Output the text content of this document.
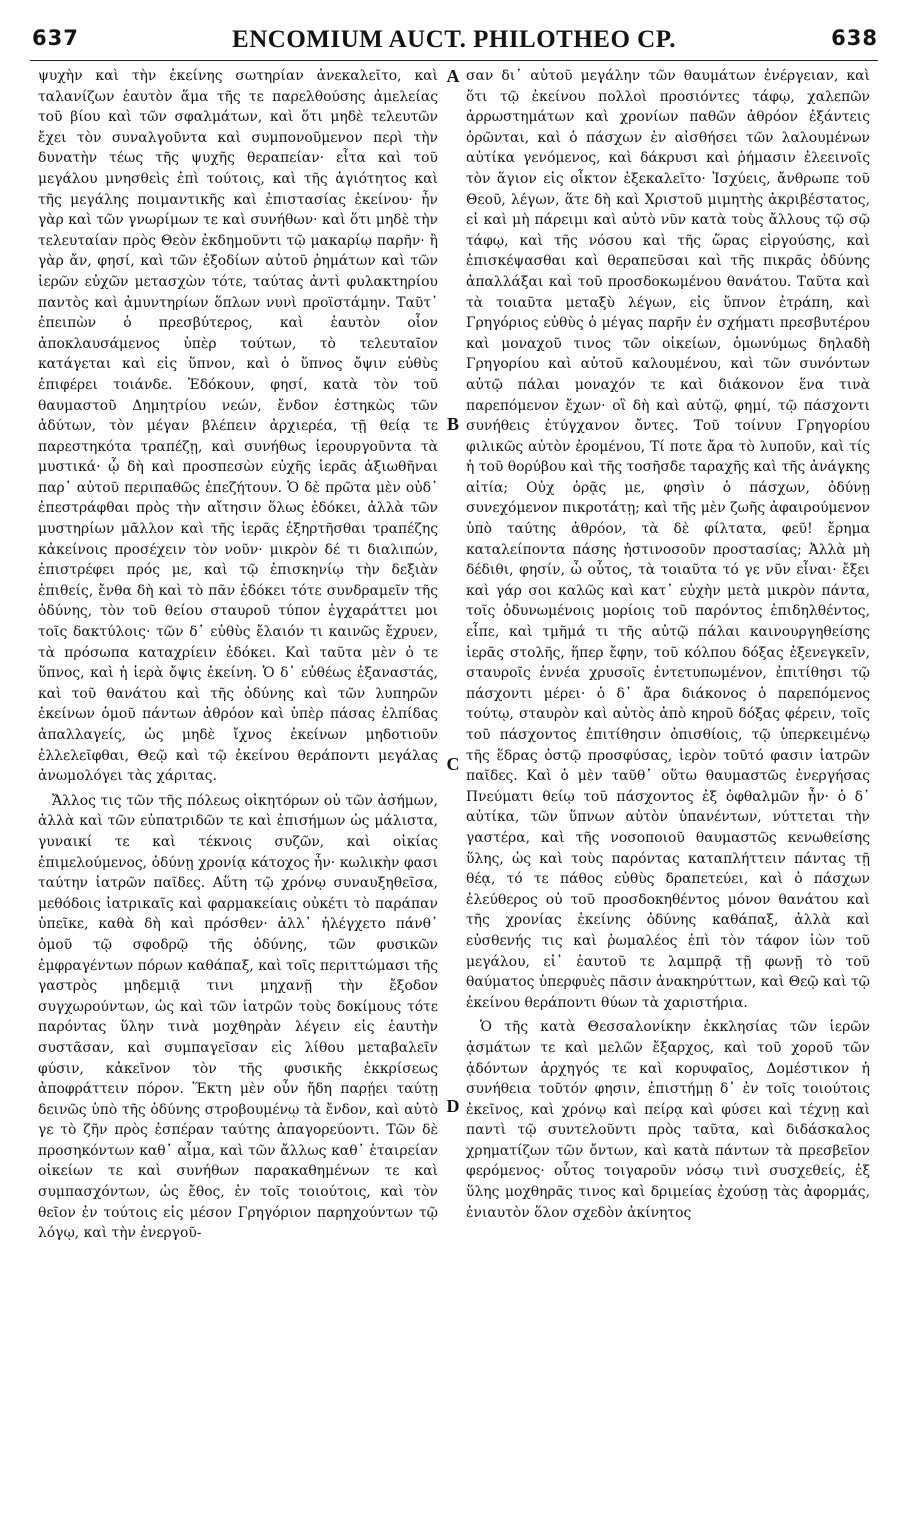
637	ENCOMIUM AUCT. PHILOTHEO CP.	638

ψυχὴν καὶ τὴν ἐκείνης σωτηρίαν ἀνεκαλεῖτο, καὶ ταλανίζων ἑαυτὸν ἅμα τῆς τε παρελθούσης ἀμελείας τοῦ βίου καὶ τῶν σφαλμάτων, καὶ ὅτι μηδὲ τελευτῶν ἔχει τὸν συναλγοῦντα καὶ συμπονοῦμενον περὶ τὴν δυνατὴν τέως τῆς ψυχῆς θεραπείαν· εἶτα καὶ τοῦ μεγάλου μνησθεὶς ἐπὶ τούτοις, καὶ τῆς ἁγιότητος καὶ τῆς μεγάλης ποιμαντικῆς καὶ ἐπιστασίας ἐκείνου· ἦν γὰρ καὶ τῶν γνωρίμων τε καὶ συνήθων· καὶ ὅτι μηδὲ τὴν τελευταίαν πρὸς Θεὸν ἐκδημοῦντι τῷ μακαρίῳ παρῆν· ἢ γὰρ ἄν, φησί, καὶ τῶν ἐξοδίων αὐτοῦ ῥημάτων καὶ τῶν ἱερῶν εὐχῶν μετασχὼν τότε, ταύτας ἀντὶ φυλακτηρίου παντὸς καὶ ἀμυντηρίων ὅπλων νυνὶ προϊστάμην. Ταῦτ᾽ ἐπειπὼν ὁ πρεσβύτερος, καὶ ἑαυτὸν οἷον ἀποκλαυσάμενος ὑπὲρ τούτων, τὸ τελευταῖον κατάγεται καὶ εἰς ὕπνον, καὶ ὁ ὕπνος ὄψιν εὐθὺς ἐπιφέρει τοιάνδε. Ἐδόκουν, φησί, κατὰ τὸν τοῦ θαυμαστοῦ Δημητρίου νεών, ἔνδον ἑστηκὼς τῶν ἀδύτων, τὸν μέγαν βλέπειν ἀρχιερέα, τῇ θείᾳ τε παρεστηκότα τραπέζῃ, καὶ συνήθως ἱερουργοῦντα τὰ μυστικά· ᾧ δὴ καὶ προσπεσὼν εὐχῆς ἱερᾶς ἀξιωθῆναι παρ᾽ αὐτοῦ περιπαθῶς ἐπεζήτουν. Ὁ δὲ πρῶτα μὲν οὐδ᾽ ἐπεστράφθαι πρὸς τὴν αἴτησιν ὅλως ἐδόκει, ἀλλὰ τῶν μυστηρίων μᾶλλον καὶ τῆς ἱερᾶς ἐξηρτῆσθαι τραπέζης κἀκείνοις προσέχειν τὸν νοῦν· μικρὸν δέ τι διαλιπών, ἐπιστρέφει πρός με, καὶ τῷ ἐπισκηνίῳ τὴν δεξιὰν ἐπιθείς, ἔνθα δὴ καὶ τὸ πᾶν ἐδόκει τότε συνδραμεῖν τῆς ὀδύνης, τὸν τοῦ θείου σταυροῦ τύπον ἐγχαράττει μοι τοῖς δακτύλοις· τῶν δ᾽ εὐθὺς ἔλαιόν τι καινῶς ἔχρυεν, τὰ πρόσωπα καταχρίειν ἐδόκει. Καὶ ταῦτα μὲν ὁ τε ὕπνος, καὶ ἡ ἱερὰ ὄψις ἐκείνη. Ὁ δ᾽ εὐθέως ἐξαναστάς, καὶ τοῦ θανάτου καὶ τῆς ὀδύνης καὶ τῶν λυπηρῶν ἐκείνων ὁμοῦ πάντων ἀθρόον καὶ ὑπὲρ πάσας ἐλπίδας ἀπαλλαγείς, ὡς μηδὲ ἴχνος ἐκείνων μηδοτιοῦν ἐλλελεῖφθαι, Θεῷ καὶ τῷ ἐκείνου θεράποντι μεγάλας ἀνωμολόγει τὰς χάριτας.

Ἄλλος τις τῶν τῆς πόλεως οἰκητόρων οὐ τῶν ἀσήμων, ἀλλὰ καὶ τῶν εὐπατριδῶν τε καὶ ἐπισήμων ὡς μάλιστα, γυναικί τε καὶ τέκνοις συζῶν, καὶ οἰκίας ἐπιμελούμενος, ὀδύνῃ χρονίᾳ κάτοχος ἦν· κωλικὴν φασι ταύτην ἰατρῶν παῖδες. Αὕτη τῷ χρόνῳ συναυξηθεῖσα, μεθόδοις ἰατρικαῖς καὶ φαρμακείαις οὐκέτι τὸ παράπαν ὑπεῖκε, καθὰ δὴ καὶ πρόσθεν· ἀλλ᾽ ἠλέγχετο πάνθ᾽ ὁμοῦ τῷ σφοδρῷ τῆς ὀδύνης, τῶν φυσικῶν ἐμφραγέντων πόρων καθάπαξ, καὶ τοῖς περιττώμασι τῆς γαστρὸς μηδεμιᾷ τινι μηχανῇ τὴν ἔξοδον συγχωρούντων, ὡς καὶ τῶν ἰατρῶν τοὺς δοκίμους τότε παρόντας ὕλην τινὰ μοχθηρὰν λέγειν εἰς ἑαυτὴν συστᾶσαν, καὶ συμπαγεῖσαν εἰς λίθου μεταβαλεῖν φύσιν, κἀκεῖνον τὸν τῆς φυσικῆς ἐκκρίσεως ἀποφράττειν πόρον. Ἕκτη μὲν οὖν ἤδη παρῄει ταύτῃ δεινῶς ὑπὸ τῆς ὀδύνης στροβουμένῳ τὰ ἔνδον, καὶ αὐτὸ γε τὸ ζῆν πρὸς ἐσπέραν ταύτης ἀπαγορεύοντι. Τῶν δὲ προσηκόντων καθ᾽ αἷμα, καὶ τῶν ἄλλως καθ᾽ ἑταιρείαν οἰκείων τε καὶ συνήθων παρακαθημένων τε καὶ συμπασχόντων, ὡς ἔθος, ἐν τοῖς τοιούτοις, καὶ τὸν θεῖον ἐν τούτοις εἰς μέσον Γρηγόριον παρηχούντων τῷ λόγῳ, καὶ τὴν ἐνεργοῦ-

A
B
C
D

σαν δι᾽ αὐτοῦ μεγάλην τῶν θαυμάτων ἐνέργειαν, καὶ ὅτι τῷ ἐκείνου πολλοὶ προσιόντες τάφῳ, χαλεπῶν ἀρρωστημάτων καὶ χρονίων παθῶν ἀθρόον ἐξάντεις ὁρῶνται, καὶ ὁ πάσχων ἐν αἰσθήσει τῶν λαλουμένων αὐτίκα γενόμενος, καὶ δάκρυσι καὶ ῥήμασιν ἐλεεινοῖς τὸν ἅγιον εἰς οἶκτον ἐξεκαλεῖτο· Ἰσχύεις, ἄνθρωπε τοῦ Θεοῦ, λέγων, ἅτε δὴ καὶ Χριστοῦ μιμητὴς ἀκριβέστατος, εἰ καὶ μὴ πάρειμι καὶ αὐτὸ νῦν κατὰ τοὺς ἄλλους τῷ σῷ τάφῳ, καὶ τῆς νόσου καὶ τῆς ὥρας εἰργούσης, καὶ ἐπισκέψασθαι καὶ θεραπεῦσαι καὶ τῆς πικρᾶς ὀδύνης ἀπαλλάξαι καὶ τοῦ προσδοκωμένου θανάτου. Ταῦτα καὶ τὰ τοιαῦτα μεταξὺ λέγων, εἰς ὕπνον ἐτράπη, καὶ Γρηγόριος εὐθὺς ὁ μέγας παρῆν ἐν σχήματι πρεσβυτέρου καὶ μοναχοῦ τινος τῶν οἰκείων, ὁμωνύμως δηλαδὴ Γρηγορίου καὶ αὐτοῦ καλουμένου, καὶ τῶν συνόντων αὐτῷ πάλαι μοναχόν τε καὶ διάκονον ἕνα τινὰ παρεπόμενον ἔχων· οἳ δὴ καὶ αὐτῷ, φημί, τῷ πάσχοντι συνήθεις ἐτύγχανον ὄντες. Τοῦ τοίνυν Γρηγορίου φιλικῶς αὐτὸν ἐρομένου, Τί ποτε ἄρα τὸ λυποῦν, καὶ τίς ἡ τοῦ θορύβου καὶ τῆς τοσῆσδε ταραχῆς καὶ τῆς ἀνάγκης αἰτία; Οὐχ ὁρᾷς με, φησὶν ὁ πάσχων, ὀδύνῃ συνεχόμενον πικροτάτῃ; καὶ τῆς μὲν ζωῆς ἀφαιρούμενον ὑπὸ ταύτης ἀθρόον, τὰ δὲ φίλτατα, φεῦ! ἔρημα καταλείποντα πάσης ἡστινοσοῦν προστασίας; Ἀλλὰ μὴ δέδιθι, φησίν, ὦ οὗτος, τὰ τοιαῦτα τό γε νῦν εἶναι· ἔξει καὶ γάρ σοι καλῶς καὶ κατ᾽ εὐχὴν μετὰ μικρὸν πάντα, τοῖς ὀδυνωμένοις μορίοις τοῦ παρόντος ἐπιδηλθέντος, εἶπε, καὶ τμῆμά τι τῆς αὐτῷ πάλαι καινουργηθείσης ἱερᾶς στολῆς, ἥπερ ἔφην, τοῦ κόλπου δόξας ἐξενεγκεῖν, σταυροῖς ἐννέα χρυσοῖς ἐντετυπωμένον, ἐπιτίθησι τῷ πάσχοντι μέρει· ὁ δ᾽ ἄρα διάκονος ὁ παρεπόμενος τούτῳ, σταυρὸν καὶ αὐτὸς ἀπὸ κηροῦ δόξας φέρειν, τοῖς τοῦ πάσχοντος ἐπιτίθησιν ὀπισθίοις, τῷ ὑπερκειμένῳ τῆς ἕδρας ὀστῷ προσφύσας, ἱερὸν τοῦτό φασιν ἰατρῶν παῖδες. Καὶ ὁ μὲν ταῦθ᾽ οὕτω θαυμαστῶς ἐνεργήσας Πνεύματι θείῳ τοῦ πάσχοντος ἐξ ὀφθαλμῶν ἦν· ὁ δ᾽ αὐτίκα, τῶν ὕπνων αὐτὸν ὑπανέντων, νύττεται τὴν γαστέρα, καὶ τῆς νοσοποιοῦ θαυμαστῶς κενωθείσης ὕλης, ὡς καὶ τοὺς παρόντας καταπλήττειν πάντας τῇ θέᾳ, τό τε πάθος εὐθὺς δραπετεύει, καὶ ὁ πάσχων ἐλεύθερος οὐ τοῦ προσδοκηθέντος μόνον θανάτου καὶ τῆς χρονίας ἐκείνης ὀδύνης καθάπαξ, ἀλλὰ καὶ εὐσθενής τις καὶ ῥωμαλέος ἐπὶ τὸν τάφον ἰὼν τοῦ μεγάλου, εἰ᾽ ἑαυτοῦ τε λαμπρᾷ τῇ φωνῇ τὸ τοῦ θαύματος ὑπερφυὲς πᾶσιν ἀνακηρύττων, καὶ Θεῷ καὶ τῷ ἐκείνου θεράποντι θύων τὰ χαριστήρια.

Ὁ τῆς κατὰ Θεσσαλονίκην ἐκκλησίας τῶν ἱερῶν ᾀσμάτων τε καὶ μελῶν ἔξαρχος, καὶ τοῦ χοροῦ τῶν ᾀδόντων ἀρχηγός τε καὶ κορυφαῖος, Δομέστικον ἡ συνήθεια τοῦτόν φησιν, ἐπιστήμῃ δ᾽ ἐν τοῖς τοιούτοις ἐκεῖνος, καὶ χρόνῳ καὶ πείρᾳ καὶ φύσει καὶ τέχνῃ καὶ παντὶ τῷ συντελοῦντι πρὸς ταῦτα, καὶ διδάσκαλος χρηματίζων τῶν ὄντων, καὶ κατὰ πάντων τὰ πρεσβεῖον φερόμενος· οὗτος τοιγαροῦν νόσῳ τινὶ συσχεθείς, ἐξ ὕλης μοχθηρᾶς τινος καὶ δριμείας ἐχούσῃ τὰς ἀφορμάς, ἐνιαυτὸν ὅλον σχεδὸν ἀκίνητος
